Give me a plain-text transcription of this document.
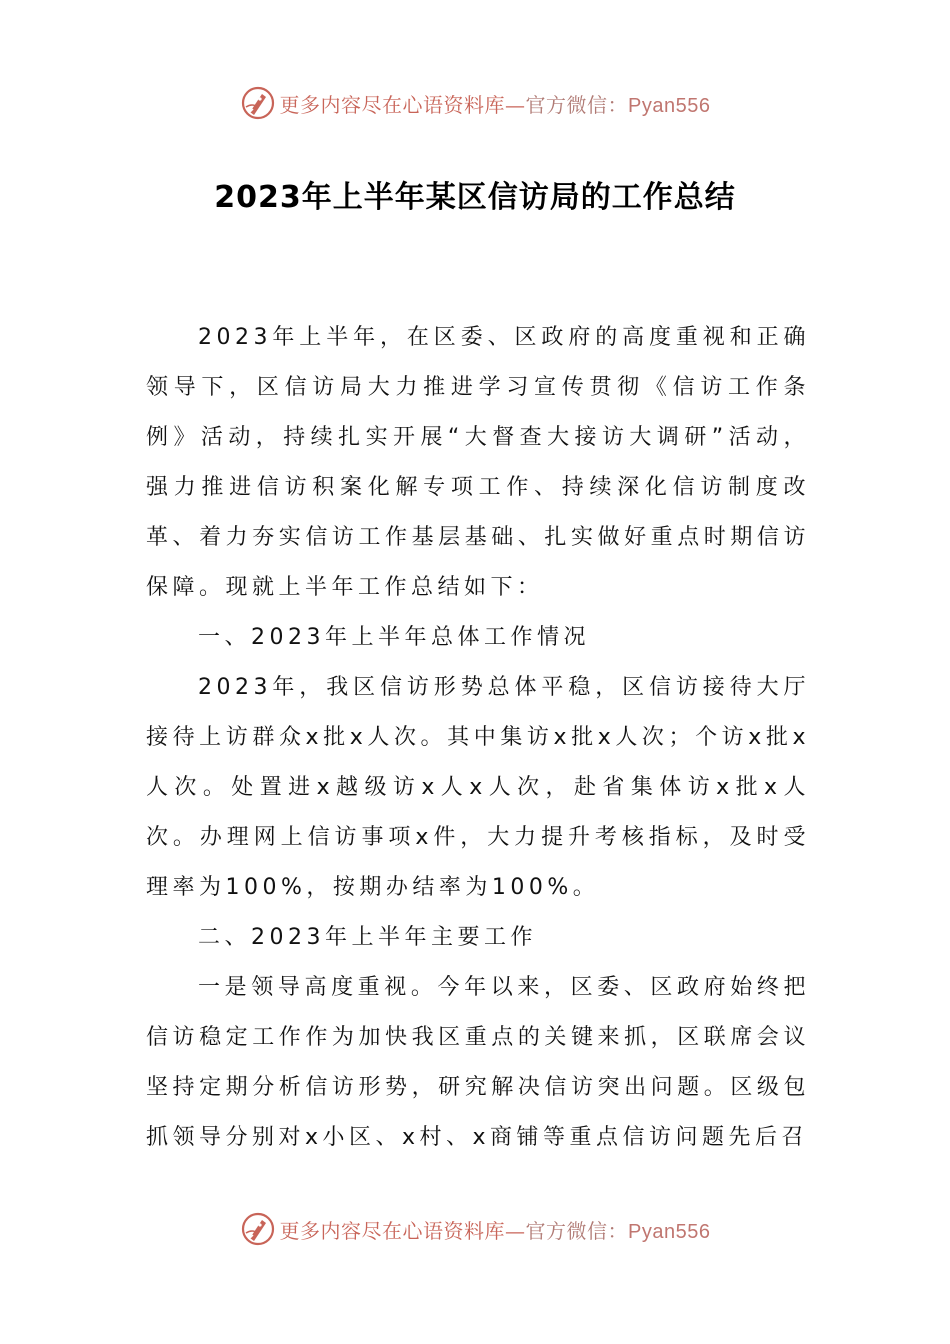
更多内容尽在心语资料库—官方微信：Pyan556
2023年上半年某区信访局的工作总结

2023年上半年，在区委、区政府的高度重视和正确领导下，区信访局大力推进学习宣传贯彻《信访工作条例》活动，持续扎实开展“大督查大接访大调研”活动，强力推进信访积案化解专项工作、持续深化信访制度改革、着力夯实信访工作基层基础、扎实做好重点时期信访保障。现就上半年工作总结如下：

一、2023年上半年总体工作情况

2023年，我区信访形势总体平稳，区信访接待大厅接待上访群众x批x人次。其中集访x批x人次；个访x批x人次。处置进x越级访x人x人次，赴省集体访x批x人次。办理网上信访事项x件，大力提升考核指标，及时受理率为100%，按期办结率为100%。

二、2023年上半年主要工作

一是领导高度重视。今年以来，区委、区政府始终把信访稳定工作作为加快我区重点的关键来抓，区联席会议坚持定期分析信访形势，研究解决信访突出问题。区级包抓领导分别对x小区、x村、x商铺等重点信访问题先后召

更多内容尽在心语资料库—官方微信：Pyan556
